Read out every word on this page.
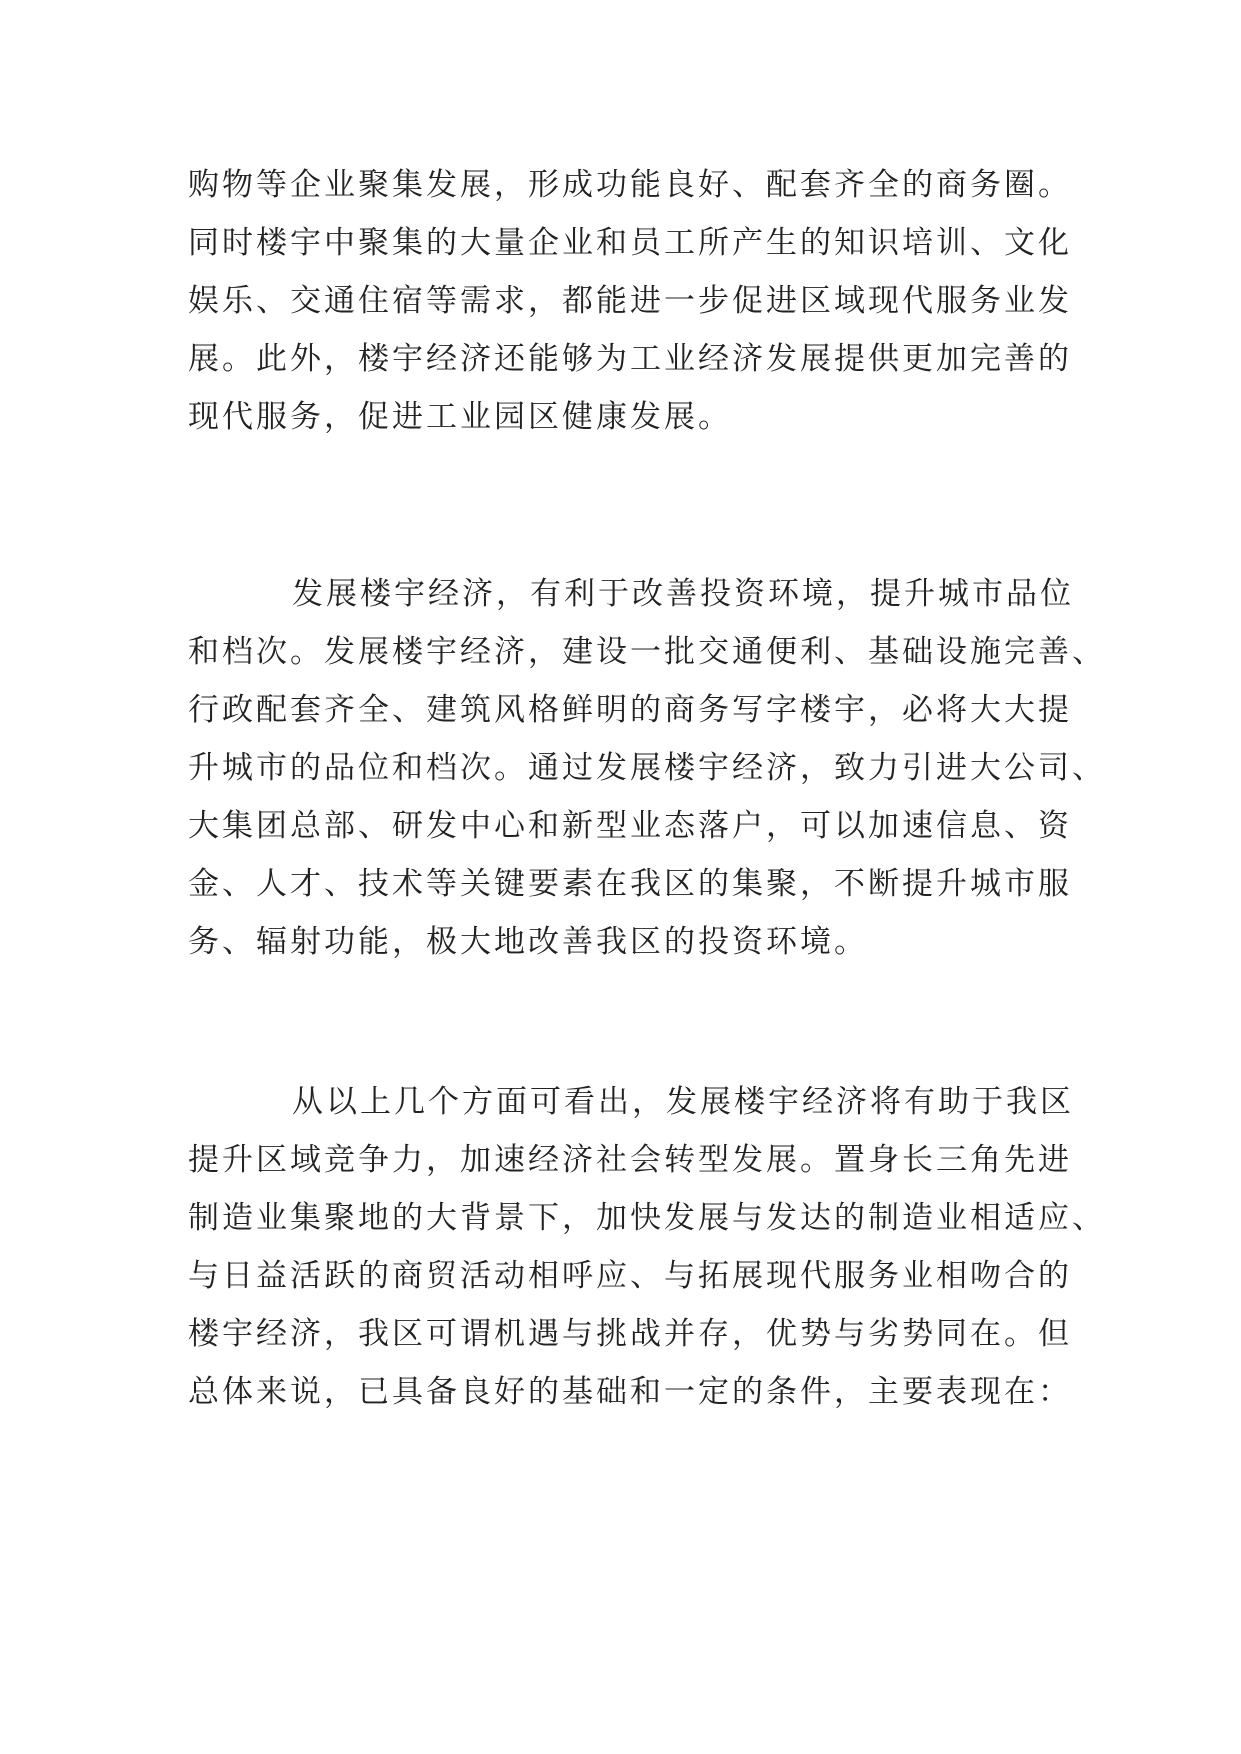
购物等企业聚集发展，形成功能良好、配套齐全的商务圈。
同时楼宇中聚集的大量企业和员工所产生的知识培训、文化
娱乐、交通住宿等需求，都能进一步促进区域现代服务业发
展。此外，楼宇经济还能够为工业经济发展提供更加完善的
现代服务，促进工业园区健康发展。
发展楼宇经济，有利于改善投资环境，提升城市品位
和档次。发展楼宇经济，建设一批交通便利、基础设施完善、
行政配套齐全、建筑风格鲜明的商务写字楼宇，必将大大提
升城市的品位和档次。通过发展楼宇经济，致力引进大公司、
大集团总部、研发中心和新型业态落户，可以加速信息、资
金、人才、技术等关键要素在我区的集聚，不断提升城市服
务、辐射功能，极大地改善我区的投资环境。
从以上几个方面可看出，发展楼宇经济将有助于我区
提升区域竞争力，加速经济社会转型发展。置身长三角先进
制造业集聚地的大背景下，加快发展与发达的制造业相适应、
与日益活跃的商贸活动相呼应、与拓展现代服务业相吻合的
楼宇经济，我区可谓机遇与挑战并存，优势与劣势同在。但
总体来说，已具备良好的基础和一定的条件，主要表现在：
